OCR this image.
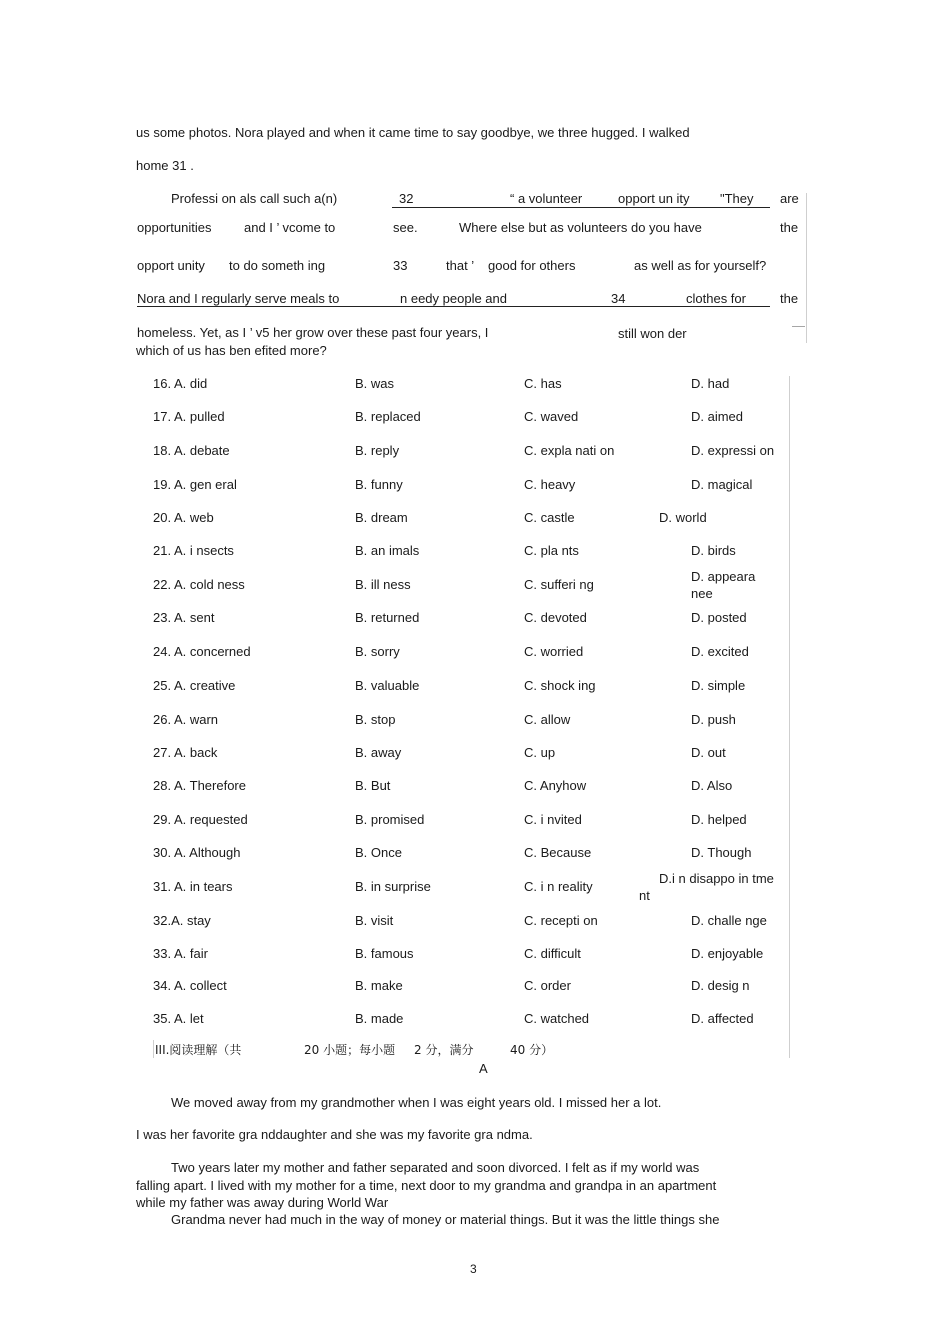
us some photos. Nora played and when it came time to say goodbye, we three hugged. I walked
home 31 .
Professi on als call such a(n)	32	“ a volunteer	opport un ity "They are
opportunities	and I ’ vcome to	see.	Where else but as volunteers do you have	the
opport unity to do someth ing	33	that ’ good for others	as well as for yourself?
Nora and I regularly serve meals to	n eedy people and	34	clothes for	the
homeless. Yet, as I ’ v5 her grow over these past four years, I	still won der
—
which of us has ben efited more?
16. A. did	B. was	C. has	D. had
17. A. pulled	B. replaced	C. waved	D. aimed
18. A. debate	B. reply	C. expla nati on	D. expressi on
19. A. gen eral	B. funny	C. heavy	D. magical
20. A. web	B. dream	C. castle	D. world
21. A. i nsects	B. an imals	C. pla nts	D. birds
22. A. cold ness	B. ill ness	C. sufferi ng
D. appeara
nee
23. A. sent	B. returned	C. devoted	D. posted
24. A. concerned	B. sorry	C. worried	D. excited
25. A. creative	B. valuable	C. shock ing	D. simple
26. A. warn	B. stop	C. allow	D. push
27. A. back	B. away	C. up	D. out
28. A. Therefore	B. But	C. Anyhow	D. Also
29. A. requested	B. promised	C. i nvited	D. helped
30. A. Although	B. Once	C. Because	D. Though
31. A. in tears	B. in surprise	C. i n reality
D.i n disappo in tme
nt
32.A. stay	B. visit	C. recepti on	D. challe nge
33. A. fair	B. famous	C. difficult	D. enjoyable
34. A. collect	B. make	C. order	D. desig n
35. A. let	B. made	C. watched	D. affected
III.阅读理解（共	20 小题；每小题 2 分，满分	40 分）
A
We moved away from my grandmother when I was eight years old. I missed her a lot.
I was her favorite gra nddaughter and she was my favorite gra ndma.
Two years later my mother and father separated and soon divorced. I felt as if my world was
falling apart. I lived with my mother for a time, next door to my grandma and grandpa in an apartment
while my father was away during World War
Grandma never had much in the way of money or material things. But it was the little things she
3
